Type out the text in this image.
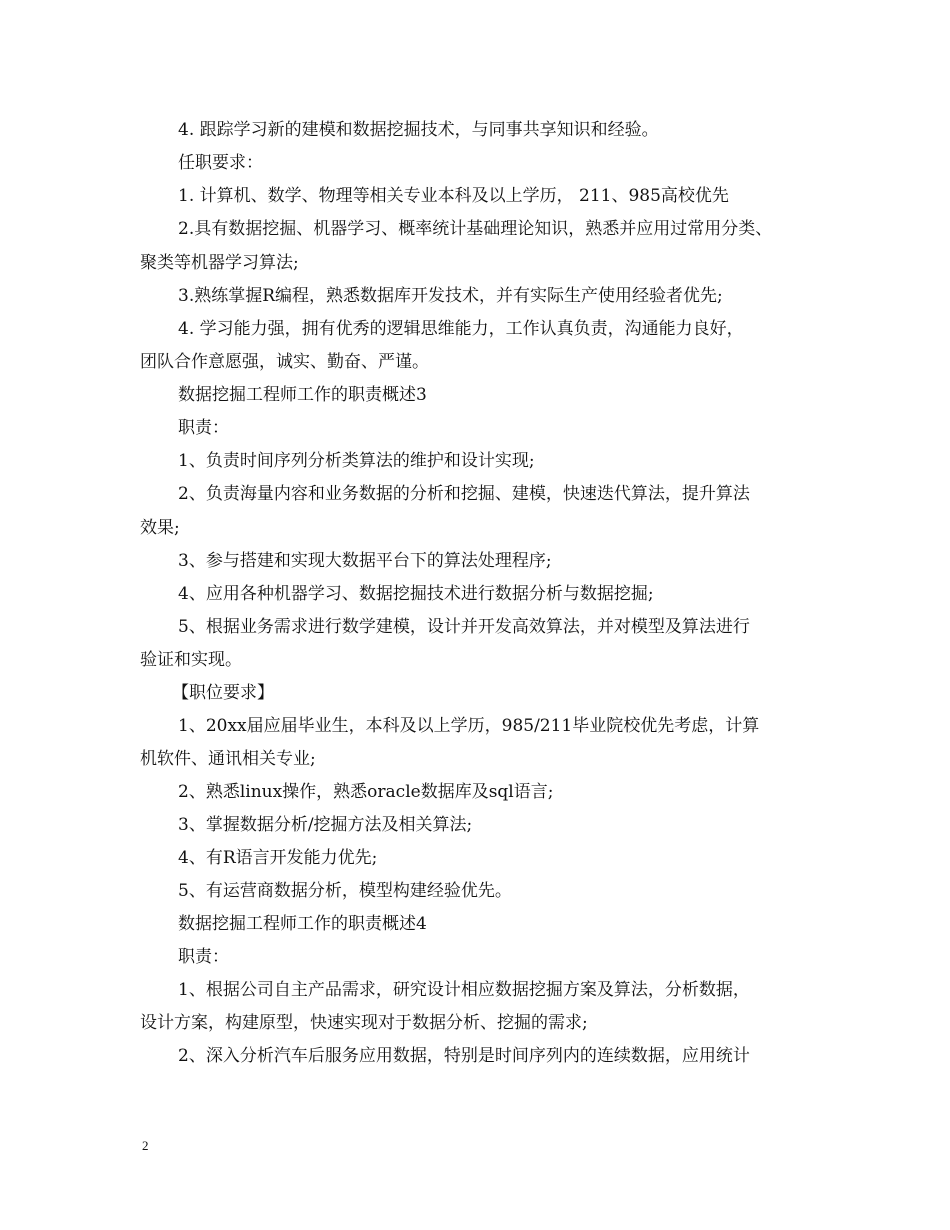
4. 跟踪学习新的建模和数据挖掘技术，与同事共享知识和经验。
任职要求：
1. 计算机、数学、物理等相关专业本科及以上学历， 211、985高校优先
2.具有数据挖掘、机器学习、概率统计基础理论知识，熟悉并应用过常用分类、
聚类等机器学习算法;
3.熟练掌握R编程，熟悉数据库开发技术，并有实际生产使用经验者优先;
4. 学习能力强，拥有优秀的逻辑思维能力，工作认真负责，沟通能力良好，
团队合作意愿强，诚实、勤奋、严谨。
数据挖掘工程师工作的职责概述3
职责：
1、负责时间序列分析类算法的维护和设计实现;
2、负责海量内容和业务数据的分析和挖掘、建模，快速迭代算法，提升算法
效果;
3、参与搭建和实现大数据平台下的算法处理程序;
4、应用各种机器学习、数据挖掘技术进行数据分析与数据挖掘;
5、根据业务需求进行数学建模，设计并开发高效算法，并对模型及算法进行
验证和实现。
【职位要求】
1、20xx届应届毕业生，本科及以上学历，985/211毕业院校优先考虑，计算
机软件、通讯相关专业;
2、熟悉linux操作，熟悉oracle数据库及sql语言;
3、掌握数据分析/挖掘方法及相关算法;
4、有R语言开发能力优先;
5、有运营商数据分析，模型构建经验优先。
数据挖掘工程师工作的职责概述4
职责：
1、根据公司自主产品需求，研究设计相应数据挖掘方案及算法，分析数据，
设计方案，构建原型，快速实现对于数据分析、挖掘的需求;
2、深入分析汽车后服务应用数据，特别是时间序列内的连续数据，应用统计
2
